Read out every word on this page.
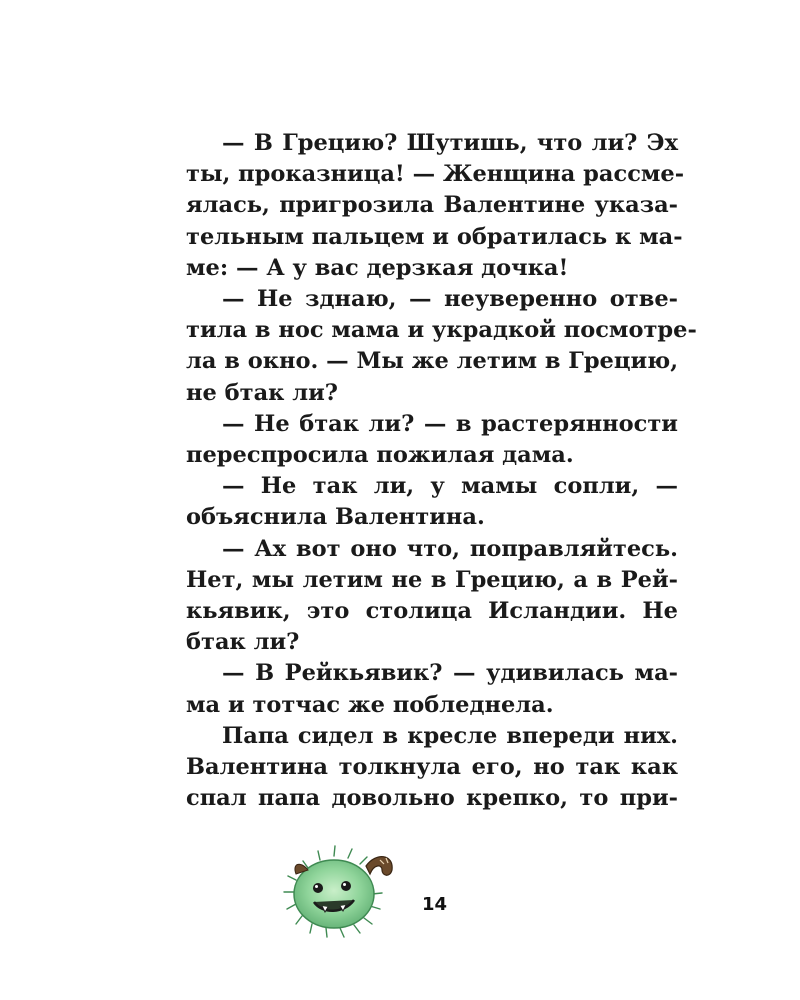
— В Грецию? Шутишь, что ли? Эх
ты, проказница! — Женщина рассме-
ялась, пригрозила Валентине указа-
тельным пальцем и обратилась к ма-
ме: — А у вас дерзкая дочка!
— Не зднаю, — неуверенно отве-
тила в нос мама и украдкой посмотре-
ла в окно. — Мы же летим в Грецию,
не бтак ли?
— Не бтак ли? — в растерянности
переспросила пожилая дама.
— Не так ли, у мамы сопли, —
объяснила Валентина.
— Ах вот оно что, поправляйтесь.
Нет, мы летим не в Грецию, а в Рей-
кьявик, это столица Исландии. Не
бтак ли?
— В Рейкьявик? — удивилась ма-
ма и тотчас же побледнела.
Папа сидел в кресле впереди них.
Валентина толкнула его, но так как
спал папа довольно крепко, то при-
14
